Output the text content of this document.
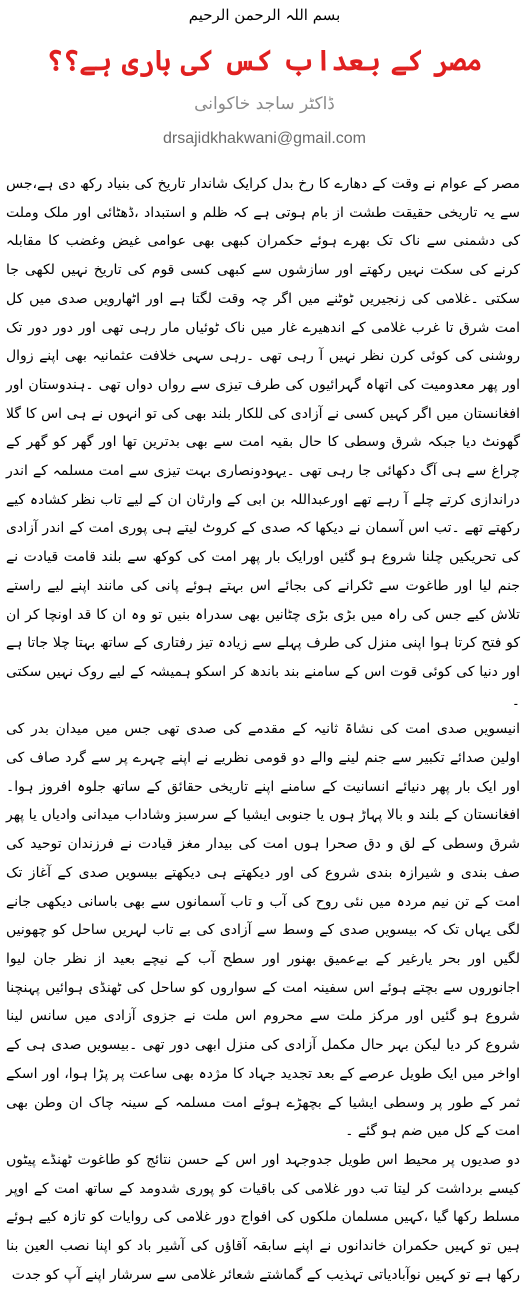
بسم اللہ الرحمن الرحیم
مصر کے بعداب کس کی باری ہے؟؟
ڈاکٹر ساجد خاکوانی
drsajidkhakwani@gmail.com

مصر کے عوام نے وقت کے دھارے کا رخ بدل کرایک شاندار تاریخ کی بنیاد رکھ دی ہے،جس سے یہ تاریخی حقیقت طشت از بام ہوتی ہے کہ ظلم و استبداد ،ڈھٹائی اور ملک وملت کی دشمنی سے ناک تک بھرے ہوئے حکمران کبھی بھی عوامی غیض وغضب کا مقابلہ کرنے کی سکت نہیں رکھتے اور سازشوں سے کبھی کسی قوم کی تاریخ نہیں لکھی جا سکتی ۔غلامی کی زنجیریں ٹوٹنے میں اگر چہ وقت لگتا ہے اور اٹھارویں صدی میں کل امت شرق تا غرب غلامی کے اندھیرے غار میں ناک ٹوئیاں مار رہی تھی اور دور دور تک روشنی کی کوئی کرن نظر نہیں آ رہی تھی ۔رہی سہی خلافت عثمانیہ بھی اپنے زوال اور پھر معدومیت کی اتھاہ گہرائیوں کی طرف تیزی سے رواں دواں تھی ۔ہندوستان اور افغانستان میں اگر کہیں کسی نے آزادی کی للکار بلند بھی کی تو انہوں نے ہی اس کا گلا گھونٹ دیا جبکہ شرق وسطی کا حال بقیہ امت سے بھی بدترین تھا اور گھر کو گھر کے چراغ سے ہی آگ دکھائی جا رہی تھی ۔یہودونصاری بہت تیزی سے امت مسلمہ کے اندر دراندازی کرتے چلے آ رہے تھے اورعبداللہ بن ابی کے وارثان ان کے لیے تاب نظر کشادہ کیے رکھتے تھے ۔تب اس آسمان نے دیکھا کہ صدی کے کروٹ لیتے ہی پوری امت کے اندر آزادی کی تحریکیں چلنا شروع ہو گئیں اورایک بار پھر امت کی کوکھ سے بلند قامت قیادت نے جنم لیا اور طاغوت سے ٹکرانے کی بجائے اس بہتے ہوئے پانی کی مانند اپنے لیے راستے تلاش کیے جس کی راہ میں بڑی بڑی چٹانیں بھی سدراہ بنیں تو وہ ان کا قد اونچا کر ان کو فتح کرتا ہوا اپنی منزل کی طرف پہلے سے زیادہ تیز رفتاری کے ساتھ بہتا چلا جاتا ہے اور دنیا کی کوئی قوت اس کے سامنے بند باندھ کر اسکو ہمیشہ کے لیے روک نہیں سکتی ۔

انیسویں صدی امت کی نشاۃ ثانیہ کے مقدمے کی صدی تھی جس میں میدان بدر کی اولین صدائے تکبیر سے جنم لینے والے دو قومی نظریے نے اپنے چہرے پر سے گرد صاف کی اور ایک بار پھر دنیائے انسانیت کے سامنے اپنے تاریخی حقائق کے ساتھ جلوہ افروز ہوا۔افغانستان کے بلند و بالا پہاڑ ہوں یا جنوبی ایشیا کے سرسبز وشاداب میدانی وادیاں یا پھر شرق وسطی کے لق و دق صحرا ہوں امت کی بیدار مغز قیادت نے فرزندان توحید کی صف بندی و شیرازہ بندی شروع کی اور دیکھتے ہی دیکھتے بیسویں صدی کے آغاز تک امت کے تن نیم مردہ میں نئی روح کی آب و تاب آسمانوں سے بھی باسانی دیکھی جانے لگی یہاں تک کہ بیسویں صدی کے وسط سے آزادی کی بے تاب لہریں ساحل کو چھونیں لگیں اور بحر یارغیر کے بےعمیق بھنور اور سطح آب کے نیچے بعید از نظر جان لیوا اجانوروں سے بچتے ہوئے اس سفینہ امت کے سواروں کو ساحل کی ٹھنڈی ہوائیں پہنچنا شروع ہو گئیں اور مرکز ملت سے محروم اس ملت نے جزوی آزادی میں سانس لینا شروع کر دیا لیکن بہر حال مکمل آزادی کی منزل ابھی دور تھی ۔بیسویں صدی ہی کے اواخر میں ایک طویل عرصے کے بعد تجدید جہاد کا مژدہ بھی ساعت پر پڑا ہوا، اور اسکے ثمر کے طور پر وسطی ایشیا کے بچھڑے ہوئے امت مسلمہ کے سینہ چاک ان وطن بھی امت کے کل میں ضم ہو گئے ۔

دو صدیوں پر محیط اس طویل جدوجہد اور اس کے حسن نتائج کو طاغوت ٹھنڈے پیٹوں کیسے برداشت کر لیتا تب دور غلامی کی باقیات کو پوری شدومد کے ساتھ امت کے اوپر مسلط رکھا گیا ،کہیں مسلمان ملکوں کی افواج دور غلامی کی روایات کو تازہ کیے ہوئے ہیں تو کہیں حکمران خاندانوں نے اپنے سابقہ آقاؤں کی آشیر باد کو اپنا نصب العین بنا رکھا ہے تو کہیں نوآبادیاتی تہذیب کے گماشتے شعائر غلامی سے سرشار اپنے آپ کو جدت
